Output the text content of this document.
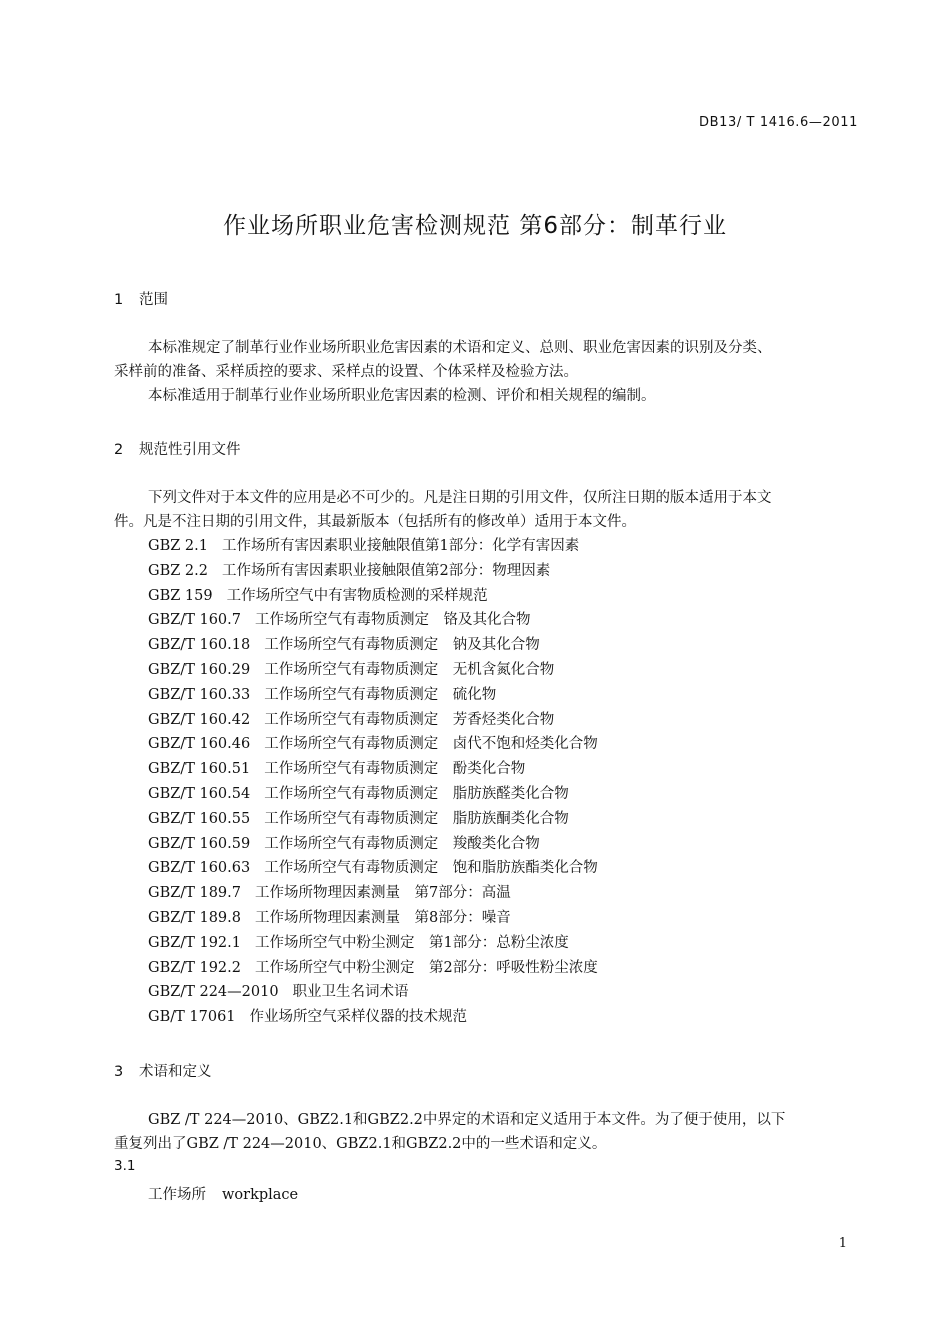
DB13/ T 1416.6—2011
作业场所职业危害检测规范 第6部分：制革行业
1 范围
本标准规定了制革行业作业场所职业危害因素的术语和定义、总则、职业危害因素的识别及分类、
采样前的准备、采样质控的要求、采样点的设置、个体采样及检验方法。
本标准适用于制革行业作业场所职业危害因素的检测、评价和相关规程的编制。
2 规范性引用文件
下列文件对于本文件的应用是必不可少的。凡是注日期的引用文件，仅所注日期的版本适用于本文
件。凡是不注日期的引用文件，其最新版本（包括所有的修改单）适用于本文件。
GBZ 2.1 工作场所有害因素职业接触限值第1部分：化学有害因素
GBZ 2.2 工作场所有害因素职业接触限值第2部分：物理因素
GBZ 159 工作场所空气中有害物质检测的采样规范
GBZ/T 160.7 工作场所空气有毒物质测定　铬及其化合物
GBZ/T 160.18 工作场所空气有毒物质测定　钠及其化合物
GBZ/T 160.29 工作场所空气有毒物质测定　无机含氮化合物
GBZ/T 160.33 工作场所空气有毒物质测定　硫化物
GBZ/T 160.42 工作场所空气有毒物质测定　芳香烃类化合物
GBZ/T 160.46 工作场所空气有毒物质测定　卤代不饱和烃类化合物
GBZ/T 160.51 工作场所空气有毒物质测定　酚类化合物
GBZ/T 160.54 工作场所空气有毒物质测定　脂肪族醛类化合物
GBZ/T 160.55 工作场所空气有毒物质测定　脂肪族酮类化合物
GBZ/T 160.59 工作场所空气有毒物质测定　羧酸类化合物
GBZ/T 160.63 工作场所空气有毒物质测定　饱和脂肪族酯类化合物
GBZ/T 189.7 工作场所物理因素测量　第7部分：高温
GBZ/T 189.8 工作场所物理因素测量　第8部分：噪音
GBZ/T 192.1 工作场所空气中粉尘测定　第1部分：总粉尘浓度
GBZ/T 192.2 工作场所空气中粉尘测定　第2部分：呼吸性粉尘浓度
GBZ/T 224—2010 职业卫生名词术语
GB/T 17061 作业场所空气采样仪器的技术规范
3 术语和定义
GBZ /T 224—2010、GBZ2.1和GBZ2.2中界定的术语和定义适用于本文件。为了便于使用，以下
重复列出了GBZ /T 224—2010、GBZ2.1和GBZ2.2中的一些术语和定义。
3.1
工作场所 workplace
1
